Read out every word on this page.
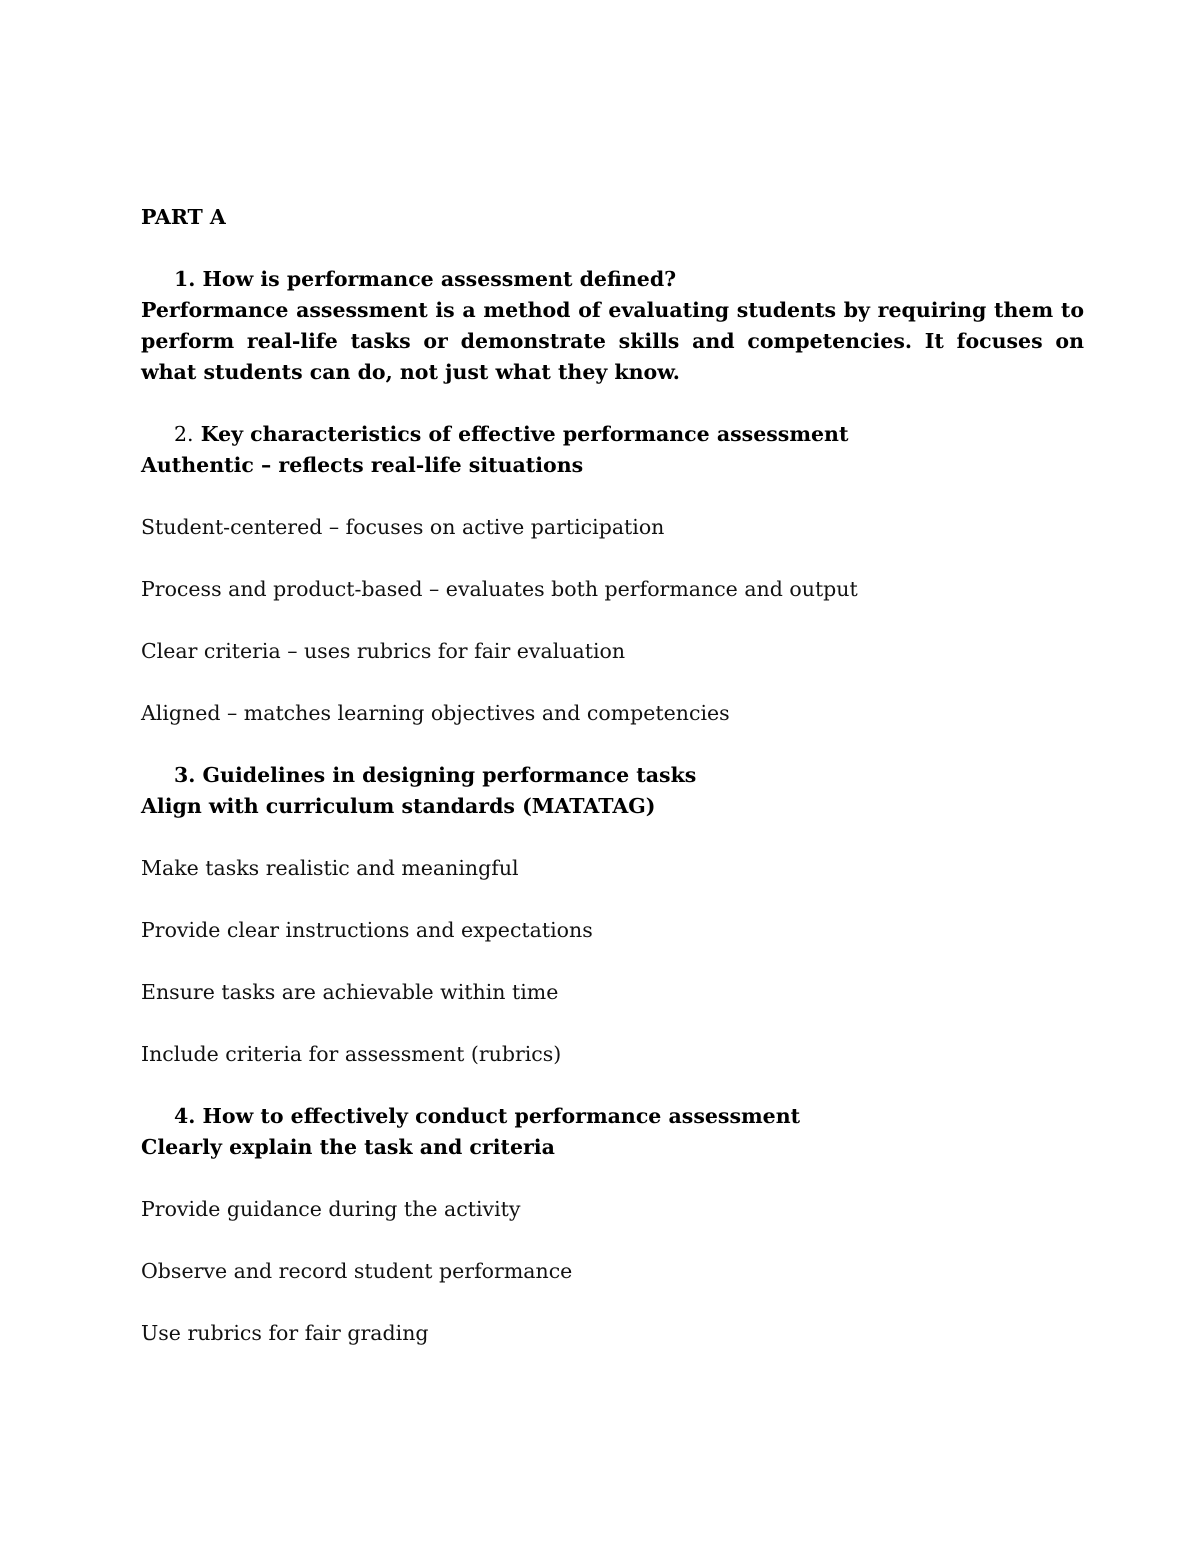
PART A

1. How is performance assessment defined?

Performance assessment is a method of evaluating students by requiring them to perform real-life tasks or demonstrate skills and competencies. It focuses on what students can do, not just what they know.

2. Key characteristics of effective performance assessment

Authentic – reflects real-life situations

Student-centered – focuses on active participation

Process and product-based – evaluates both performance and output

Clear criteria – uses rubrics for fair evaluation

Aligned – matches learning objectives and competencies

3. Guidelines in designing performance tasks

Align with curriculum standards (MATATAG)

Make tasks realistic and meaningful

Provide clear instructions and expectations

Ensure tasks are achievable within time

Include criteria for assessment (rubrics)

4. How to effectively conduct performance assessment

Clearly explain the task and criteria

Provide guidance during the activity

Observe and record student performance

Use rubrics for fair grading
